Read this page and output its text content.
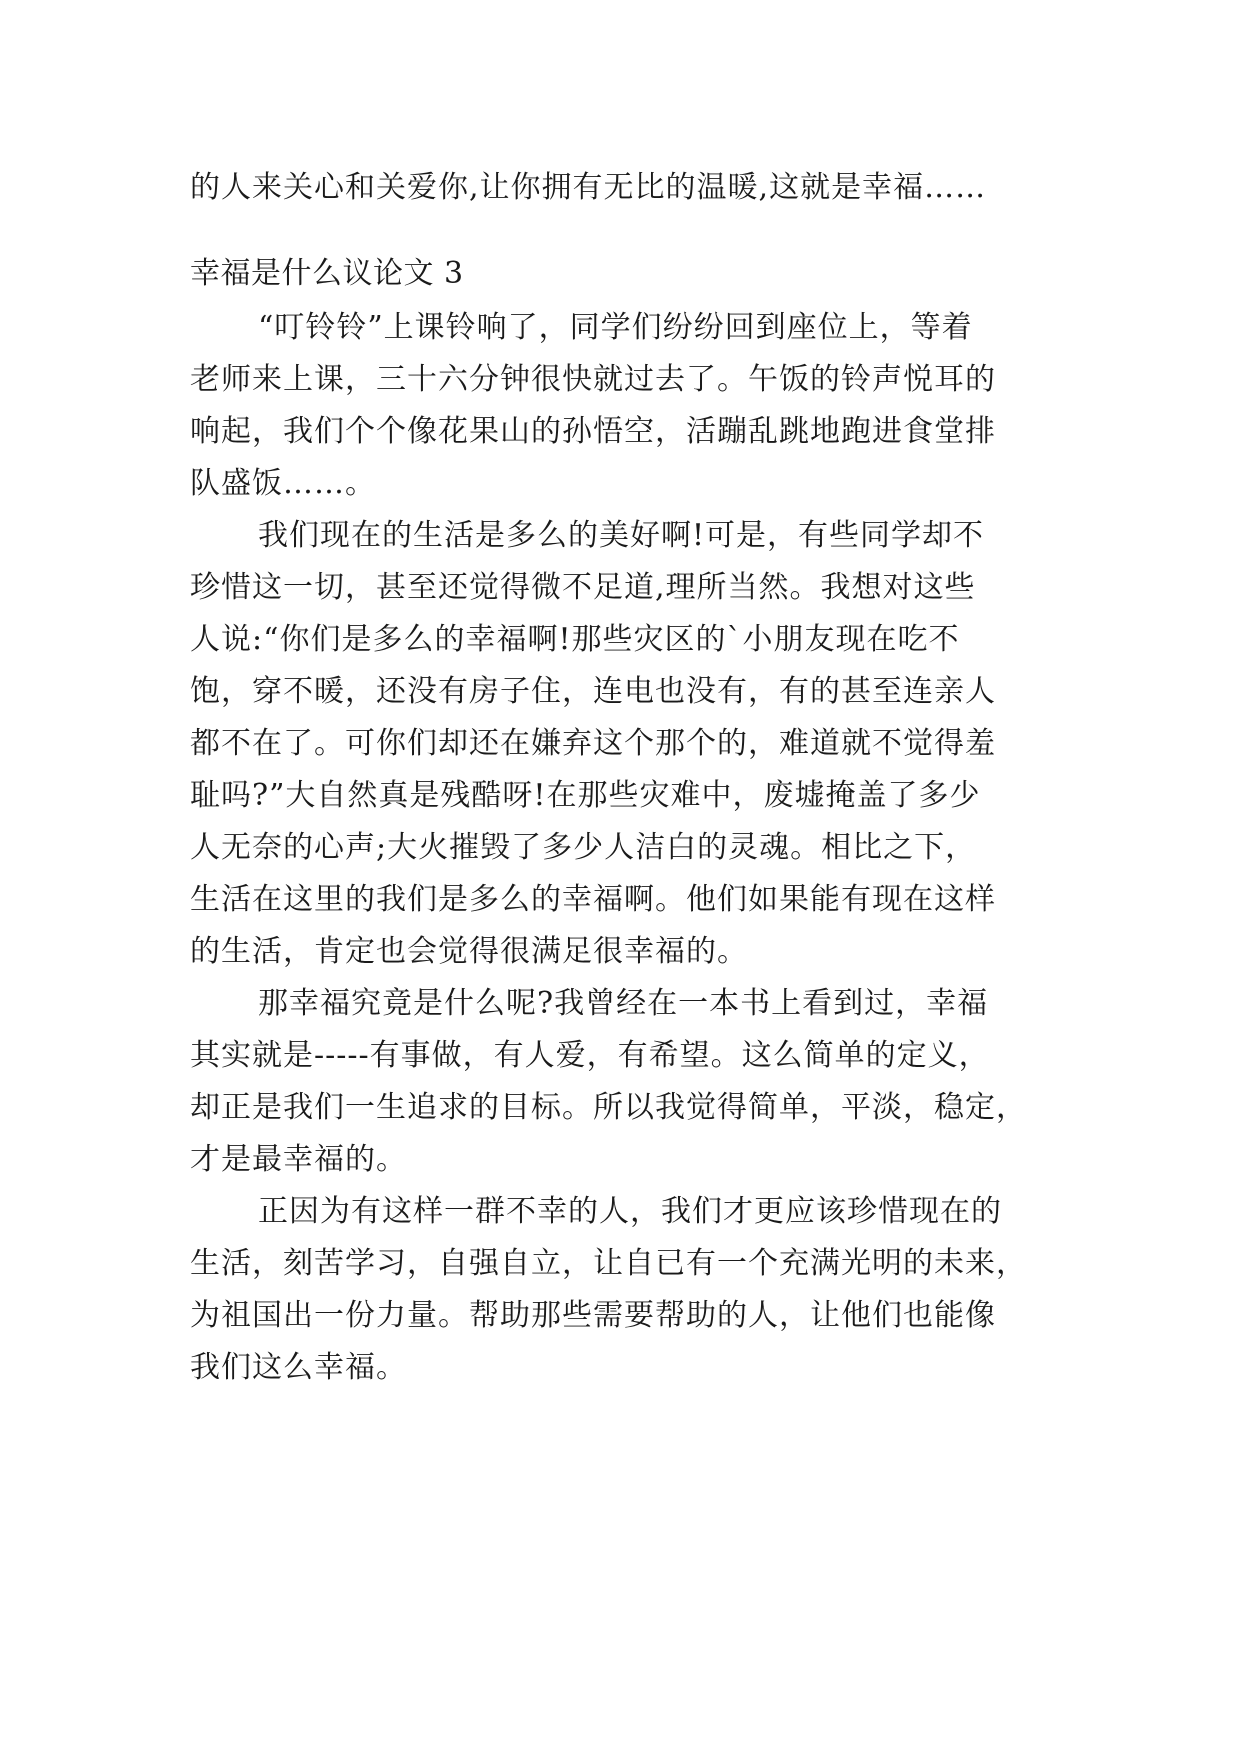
的人来关心和关爱你,让你拥有无比的温暖,这就是幸福……
幸福是什么议论文 3
“叮铃铃”上课铃响了，同学们纷纷回到座位上，等着
老师来上课，三十六分钟很快就过去了。午饭的铃声悦耳的
响起，我们个个像花果山的孙悟空，活蹦乱跳地跑进食堂排
队盛饭……。
我们现在的生活是多么的美好啊!可是，有些同学却不
珍惜这一切，甚至还觉得微不足道,理所当然。我想对这些
人说:“你们是多么的幸福啊!那些灾区的`小朋友现在吃不
饱，穿不暖，还没有房子住，连电也没有，有的甚至连亲人
都不在了。可你们却还在嫌弃这个那个的，难道就不觉得羞
耻吗?”大自然真是残酷呀!在那些灾难中，废墟掩盖了多少
人无奈的心声;大火摧毁了多少人洁白的灵魂。相比之下，
生活在这里的我们是多么的幸福啊。他们如果能有现在这样
的生活，肯定也会觉得很满足很幸福的。
那幸福究竟是什么呢?我曾经在一本书上看到过，幸福
其实就是-----有事做，有人爱，有希望。这么简单的定义，
却正是我们一生追求的目标。所以我觉得简单，平淡，稳定，
才是最幸福的。
正因为有这样一群不幸的人，我们才更应该珍惜现在的
生活，刻苦学习，自强自立，让自已有一个充满光明的未来，
为祖国出一份力量。帮助那些需要帮助的人，让他们也能像
我们这么幸福。
